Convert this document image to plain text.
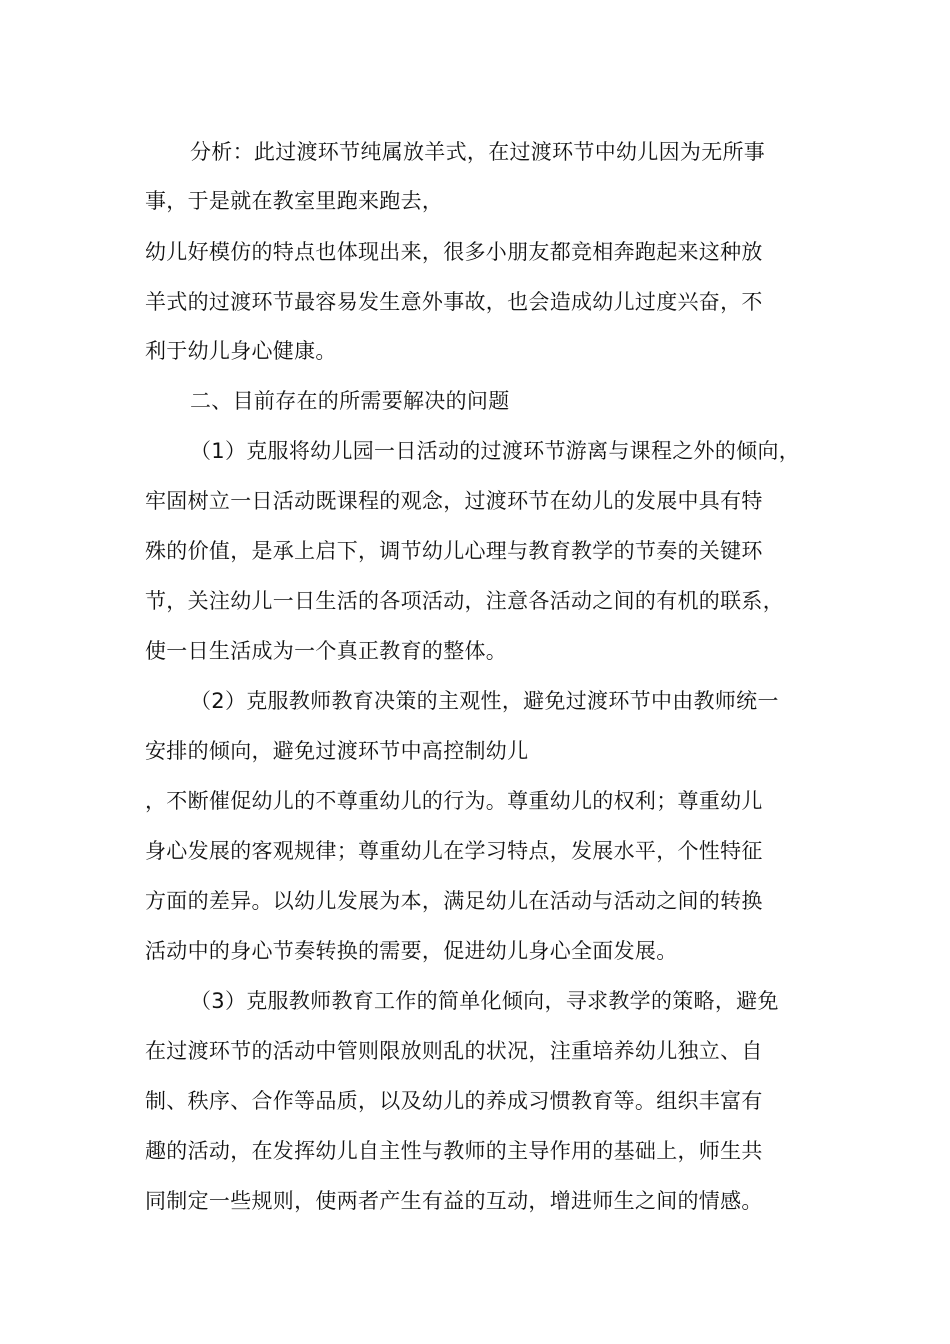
分析：此过渡环节纯属放羊式，在过渡环节中幼儿因为无所事
事，于是就在教室里跑来跑去，
幼儿好模仿的特点也体现出来，很多小朋友都竞相奔跑起来这种放
羊式的过渡环节最容易发生意外事故，也会造成幼儿过度兴奋，不
利于幼儿身心健康。
二、目前存在的所需要解决的问题
（1）克服将幼儿园一日活动的过渡环节游离与课程之外的倾向，
牢固树立一日活动既课程的观念，过渡环节在幼儿的发展中具有特
殊的价值，是承上启下，调节幼儿心理与教育教学的节奏的关键环
节，关注幼儿一日生活的各项活动，注意各活动之间的有机的联系，
使一日生活成为一个真正教育的整体。
（2）克服教师教育决策的主观性，避免过渡环节中由教师统一
安排的倾向，避免过渡环节中高控制幼儿
，不断催促幼儿的不尊重幼儿的行为。尊重幼儿的权利；尊重幼儿
身心发展的客观规律；尊重幼儿在学习特点，发展水平，个性特征
方面的差异。以幼儿发展为本，满足幼儿在活动与活动之间的转换
活动中的身心节奏转换的需要，促进幼儿身心全面发展。
（3）克服教师教育工作的简单化倾向，寻求教学的策略，避免
在过渡环节的活动中管则限放则乱的状况，注重培养幼儿独立、自
制、秩序、合作等品质，以及幼儿的养成习惯教育等。组织丰富有
趣的活动，在发挥幼儿自主性与教师的主导作用的基础上，师生共
同制定一些规则，使两者产生有益的互动，增进师生之间的情感。
